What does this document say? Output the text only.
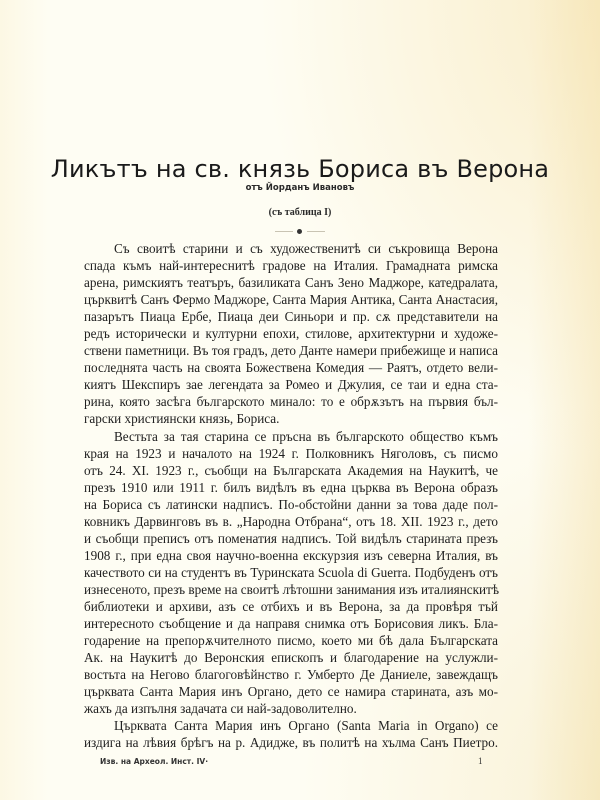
Ликътъ на св. князь Бориса въ Верона
отъ Йорданъ Ивановъ
(съ таблица I)
Съ своитѣ старини и съ художественитѣ си съкровища Верона
спада къмъ най-интереснитѣ градове на Италия. Грамадната римска
арена, римскиятъ театъръ, базиликата Санъ Зено Маджоре, катедралата,
църквитѣ Санъ Фермо Маджоре, Санта Мария Антика, Санта Анастасия,
пазарътъ Пиаца Ербе, Пиаца деи Синьори и пр. сѫ представители на
редъ исторически и културни епохи, стилове, архитектурни и художе-
ствени паметници. Въ тоя градъ, дето Данте намери прибежище и написа
последнята часть на своята Божествена Комедия — Раятъ, отдето вели-
киятъ Шекспиръ зае легендата за Ромео и Джулия, се таи и една ста-
рина, която засѣга българското минало: то е обрѫзътъ на първия бъл-
гарски християнски князь, Бориса.
Вестьта за тая старина се пръсна въ българското общество къмъ
края на 1923 и началото на 1924 г. Полковникъ Няголовъ, съ писмо
отъ 24. XI. 1923 г., съобщи на Българската Академия на Наукитѣ, че
презъ 1910 или 1911 г. билъ видѣлъ въ една църква въ Верона образъ
на Бориса съ латински надписъ. По-обстойни данни за това даде пол-
ковникъ Дарвинговъ въ в. „Народна Отбрана“, отъ 18. XII. 1923 г., дето
и съобщи преписъ отъ поменатия надписъ. Той видѣлъ старината презъ
1908 г., при една своя научно-военна екскурзия изъ северна Италия, въ
качеството си на студентъ въ Туринската Scuola di Guerra. Подбуденъ отъ
изнесеното, презъ време на своитѣ лѣтошни занимания изъ италиянскитѣ
библиотеки и архиви, азъ се отбихъ и въ Верона, за да провѣря тъй
интересното съобщение и да направя снимка отъ Борисовия ликъ. Бла-
годарение на препорѫчителното писмо, което ми бѣ дала Българската
Ак. на Наукитѣ до Веронския епископъ и благодарение на услужли-
востьта на Негово благоговѣйнство г. Умберто Де Даниеле, завеждащъ
църквата Санта Мария инъ Органо, дето се намира старината, азъ мо-
жахъ да изпълня задачата си най-задоволително.
Църквата Санта Мария инъ Органо (Santa Maria in Organo) се
издига на лѣвия брѣгъ на р. Адидже, въ политѣ на хълма Санъ Пиетро.
Изв. на Археол. Инст. IV·	1
